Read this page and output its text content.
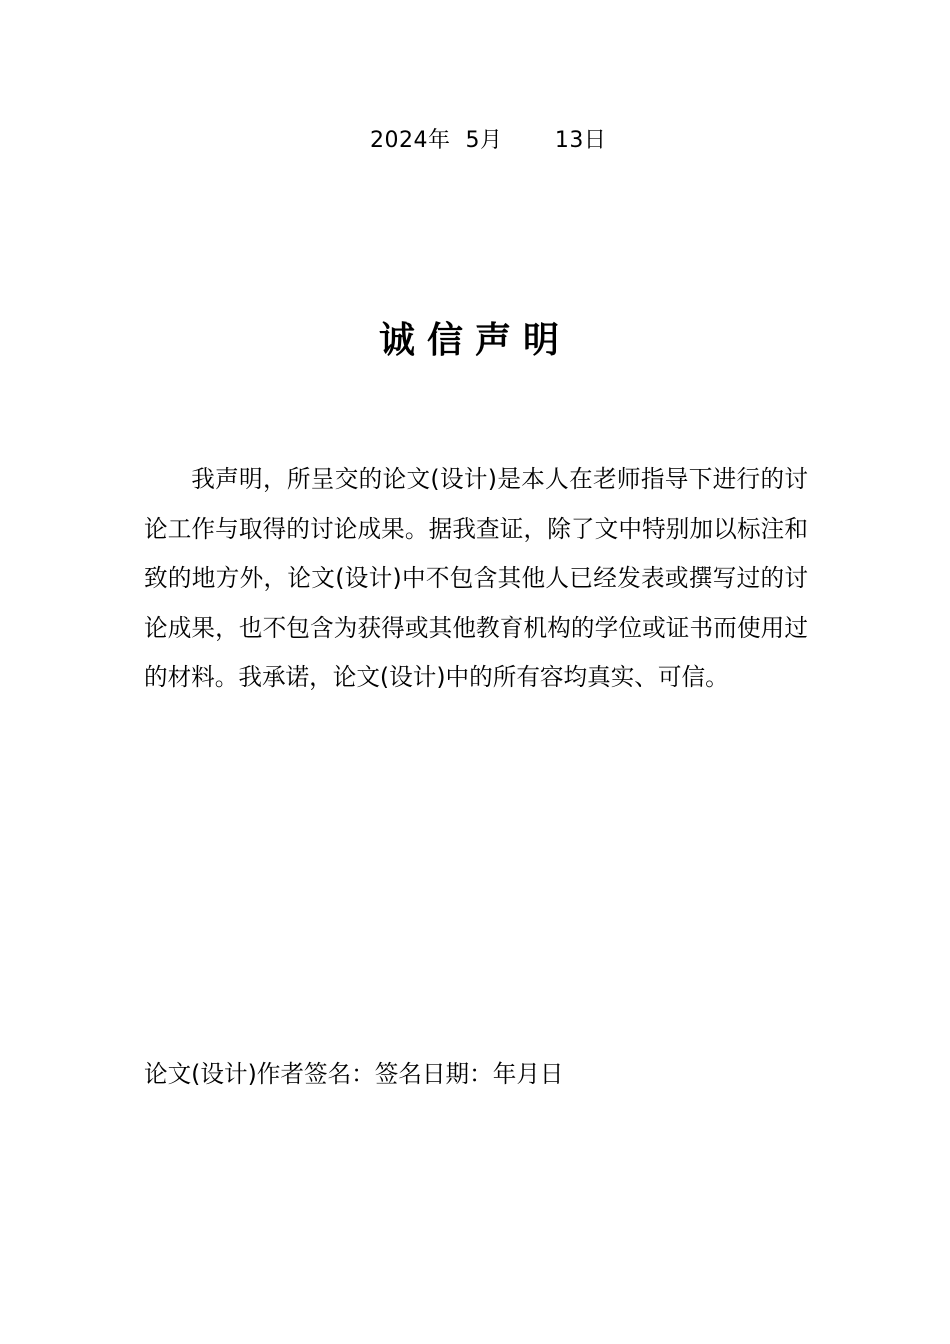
2024年  5月       13日
诚信声明

我声明，所呈交的论文(设计)是本人在老师指导下进行的讨论工作与取得的讨论成果。据我查证，除了文中特别加以标注和致的地方外，论文(设计)中不包含其他人已经发表或撰写过的讨论成果，也不包含为获得或其他教育机构的学位或证书而使用过的材料。我承诺，论文(设计)中的所有容均真实、可信。

论文(设计)作者签名：签名日期：年月日
